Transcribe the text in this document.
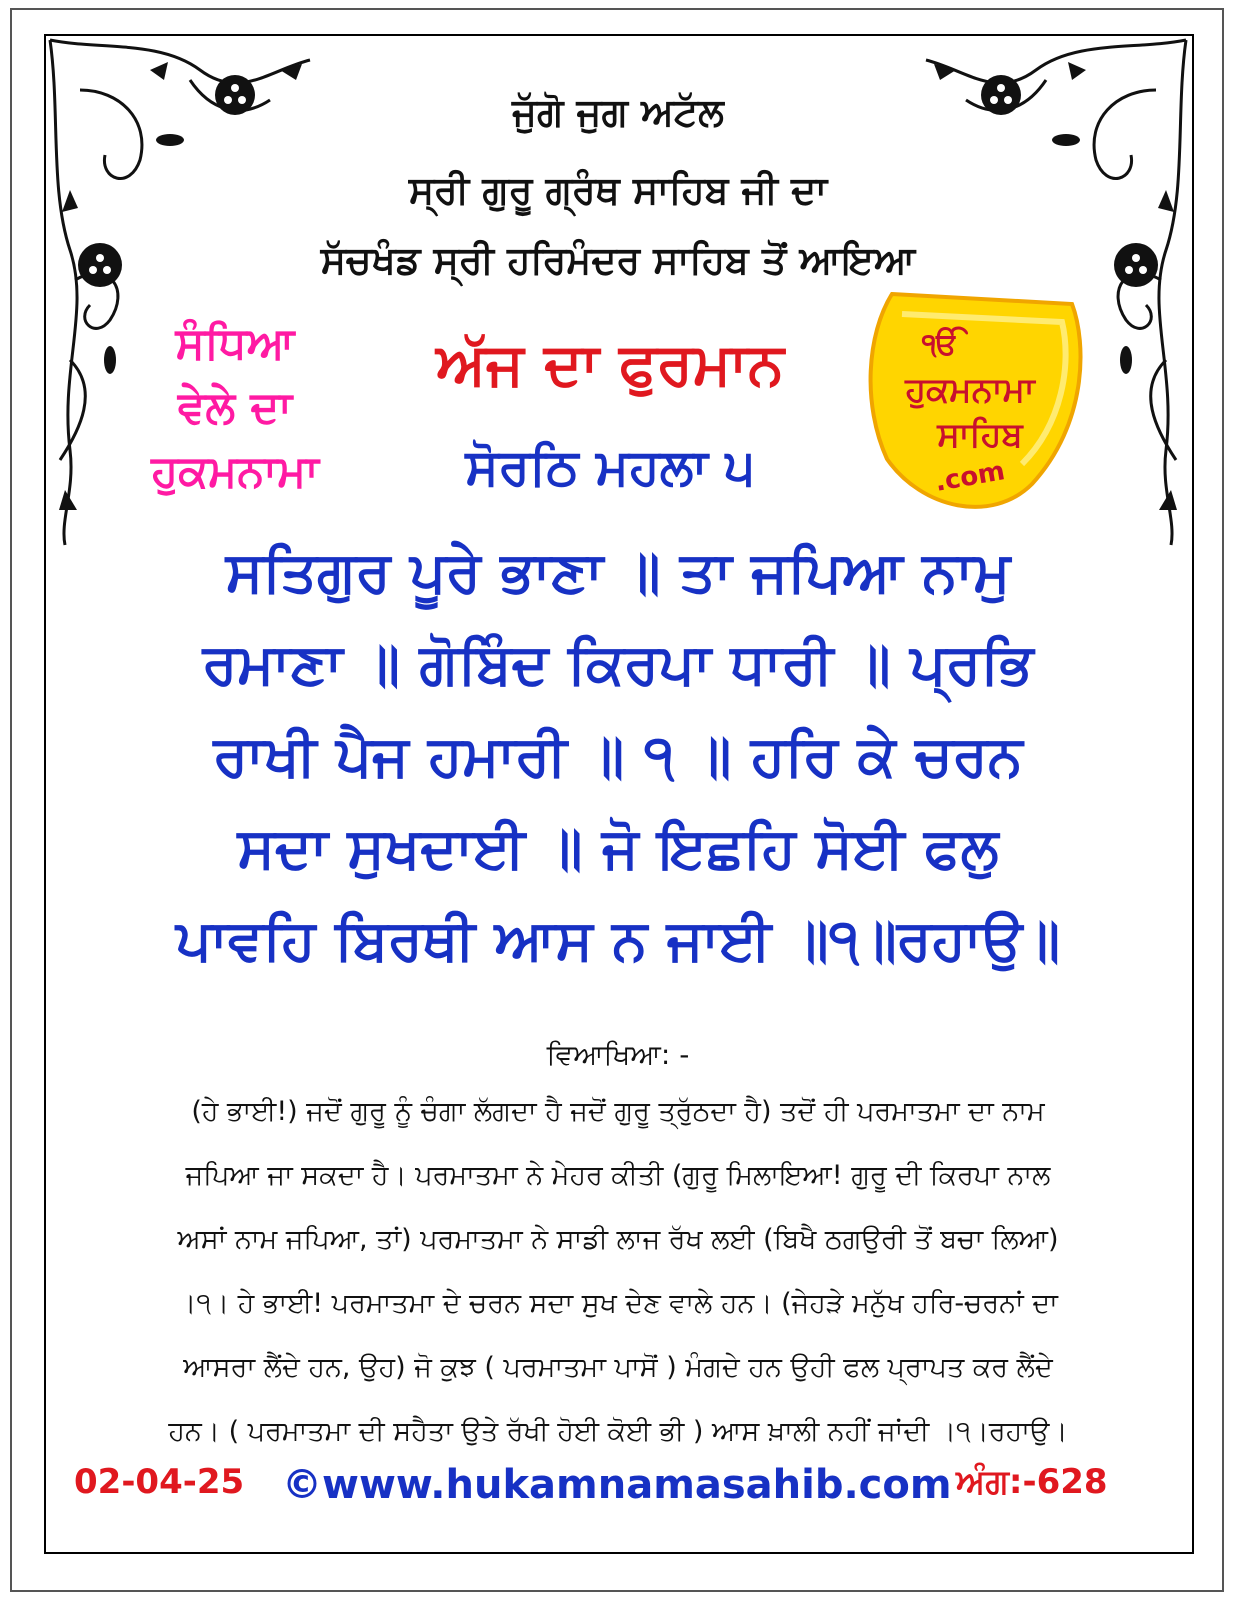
ਜੁੱਗੋ ਜੁਗ ਅਟੱਲ

ਸ੍ਰੀ ਗੁਰੂ ਗ੍ਰੰਥ ਸਾਹਿਬ ਜੀ ਦਾ

ਸੱਚਖੰਡ ਸ੍ਰੀ ਹਰਿਮੰਦਰ ਸਾਹਿਬ ਤੋਂ ਆਇਆ

ਸੰਧਿਆ

ਵੇਲੇ ਦਾ

ਹੁਕਮਨਾਮਾ

ਅੱਜ ਦਾ ਫੁਰਮਾਨ

ਸੋਰਠਿ ਮਹਲਾ ੫

ੴ

ਹੁਕਮਨਾਮਾ

ਸਾਹਿਬ

.com

ਸਤਿਗੁਰ ਪੂਰੇ ਭਾਣਾ ॥ ਤਾ ਜਪਿਆ ਨਾਮੁ

ਰਮਾਣਾ ॥ ਗੋਬਿੰਦ ਕਿਰਪਾ ਧਾਰੀ ॥ ਪ੍ਰਭਿ

ਰਾਖੀ ਪੈਜ ਹਮਾਰੀ ॥ ੧ ॥ ਹਰਿ ਕੇ ਚਰਨ

ਸਦਾ ਸੁਖਦਾਈ ॥ ਜੋ ਇਛਹਿ ਸੋਈ ਫਲੁ

ਪਾਵਹਿ ਬਿਰਥੀ ਆਸ ਨ ਜਾਈ ॥੧॥ਰਹਾਉ॥

ਵਿਆਖਿਆ: -

(ਹੇ ਭਾਈ!) ਜਦੋਂ ਗੁਰੂ ਨੂੰ ਚੰਗਾ ਲੱਗਦਾ ਹੈ ਜਦੋਂ ਗੁਰੂ ਤ੍ਰੁੱਠਦਾ ਹੈ) ਤਦੋਂ ਹੀ ਪਰਮਾਤਮਾ ਦਾ ਨਾਮ

ਜਪਿਆ ਜਾ ਸਕਦਾ ਹੈ। ਪਰਮਾਤਮਾ ਨੇ ਮੇਹਰ ਕੀਤੀ (ਗੁਰੂ ਮਿਲਾਇਆ! ਗੁਰੂ ਦੀ ਕਿਰਪਾ ਨਾਲ

ਅਸਾਂ ਨਾਮ ਜਪਿਆ, ਤਾਂ) ਪਰਮਾਤਮਾ ਨੇ ਸਾਡੀ ਲਾਜ ਰੱਖ ਲਈ (ਬਿਖੈ ਠਗਉਰੀ ਤੋਂ ਬਚਾ ਲਿਆ)

।੧। ਹੇ ਭਾਈ! ਪਰਮਾਤਮਾ ਦੇ ਚਰਨ ਸਦਾ ਸੁਖ ਦੇਣ ਵਾਲੇ ਹਨ। (ਜੇਹੜੇ ਮਨੁੱਖ ਹਰਿ-ਚਰਨਾਂ ਦਾ

ਆਸਰਾ ਲੈਂਦੇ ਹਨ, ਉਹ) ਜੋ ਕੁਝ ( ਪਰਮਾਤਮਾ ਪਾਸੋਂ ) ਮੰਗਦੇ ਹਨ ਉਹੀ ਫਲ ਪ੍ਰਾਪਤ ਕਰ ਲੈਂਦੇ

ਹਨ। ( ਪਰਮਾਤਮਾ ਦੀ ਸਹੈਤਾ ਉਤੇ ਰੱਖੀ ਹੋਈ ਕੋਈ ਭੀ ) ਆਸ ਖ਼ਾਲੀ ਨਹੀਂ ਜਾਂਦੀ ।੧।ਰਹਾਉ।

02-04-25 ©www.hukamnamasahib.com ਅੰਗ:-628
